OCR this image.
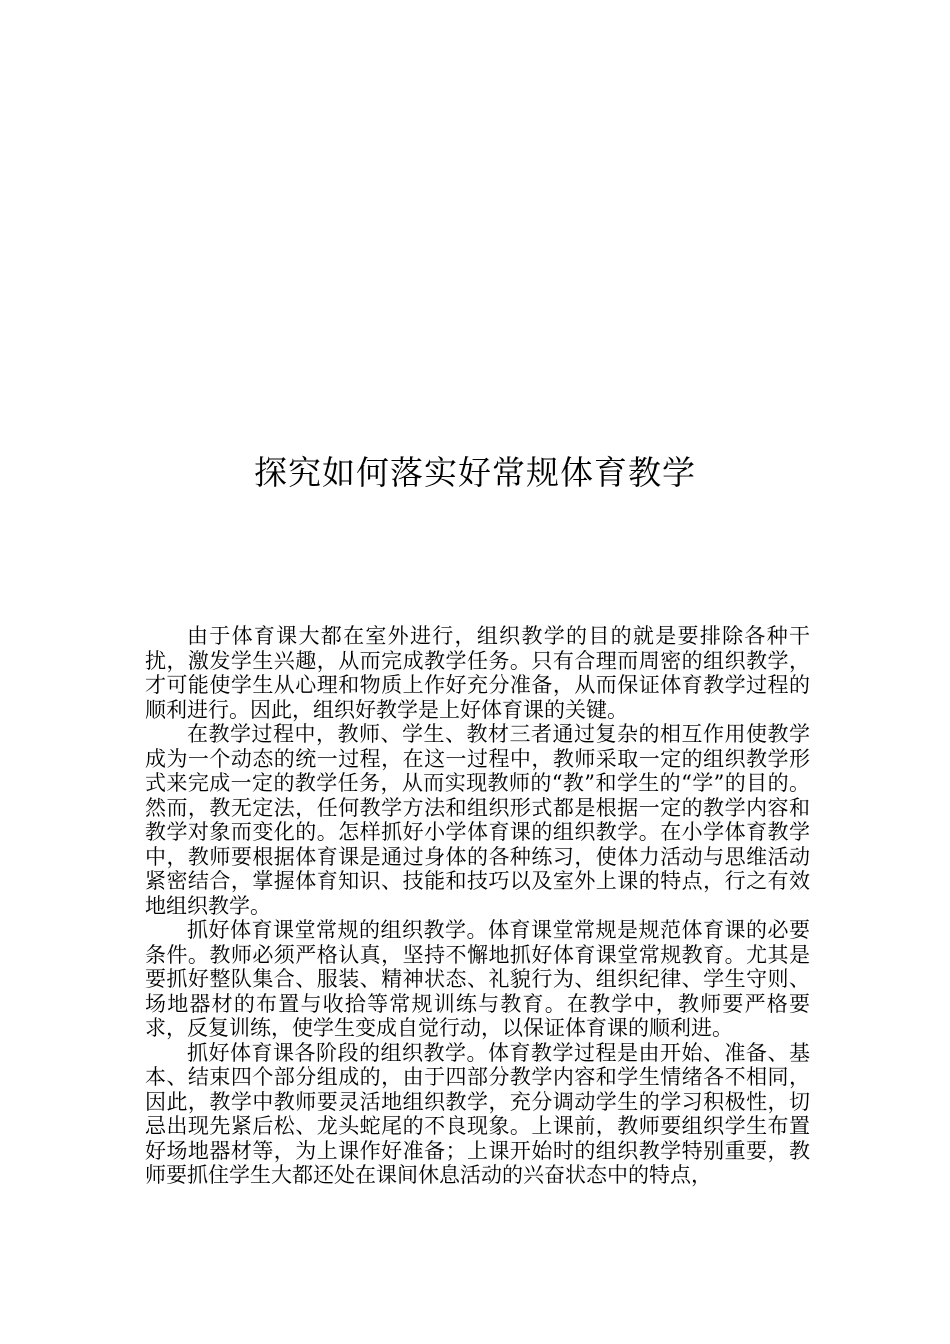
探究如何落实好常规体育教学

由于体育课大都在室外进行，组织教学的目的就是要排除各种干扰，激发学生兴趣，从而完成教学任务。只有合理而周密的组织教学，才可能使学生从心理和物质上作好充分准备，从而保证体育教学过程的顺利进行。因此，组织好教学是上好体育课的关键。

在教学过程中，教师、学生、教材三者通过复杂的相互作用使教学成为一个动态的统一过程，在这一过程中，教师采取一定的组织教学形式来完成一定的教学任务，从而实现教师的“教”和学生的“学”的目的。然而，教无定法，任何教学方法和组织形式都是根据一定的教学内容和教学对象而变化的。怎样抓好小学体育课的组织教学。在小学体育教学中，教师要根据体育课是通过身体的各种练习，使体力活动与思维活动紧密结合，掌握体育知识、技能和技巧以及室外上课的特点，行之有效地组织教学。

抓好体育课堂常规的组织教学。体育课堂常规是规范体育课的必要条件。教师必须严格认真，坚持不懈地抓好体育课堂常规教育。尤其是要抓好整队集合、服装、精神状态、礼貌行为、组织纪律、学生守则、场地器材的布置与收拾等常规训练与教育。在教学中，教师要严格要求，反复训练，使学生变成自觉行动，以保证体育课的顺利进。

抓好体育课各阶段的组织教学。体育教学过程是由开始、准备、基本、结束四个部分组成的，由于四部分教学内容和学生情绪各不相同，因此，教学中教师要灵活地组织教学，充分调动学生的学习积极性，切忌出现先紧后松、龙头蛇尾的不良现象。上课前，教师要组织学生布置好场地器材等，为上课作好准备；上课开始时的组织教学特别重要，教师要抓住学生大都还处在课间休息活动的兴奋状态中的特点，
